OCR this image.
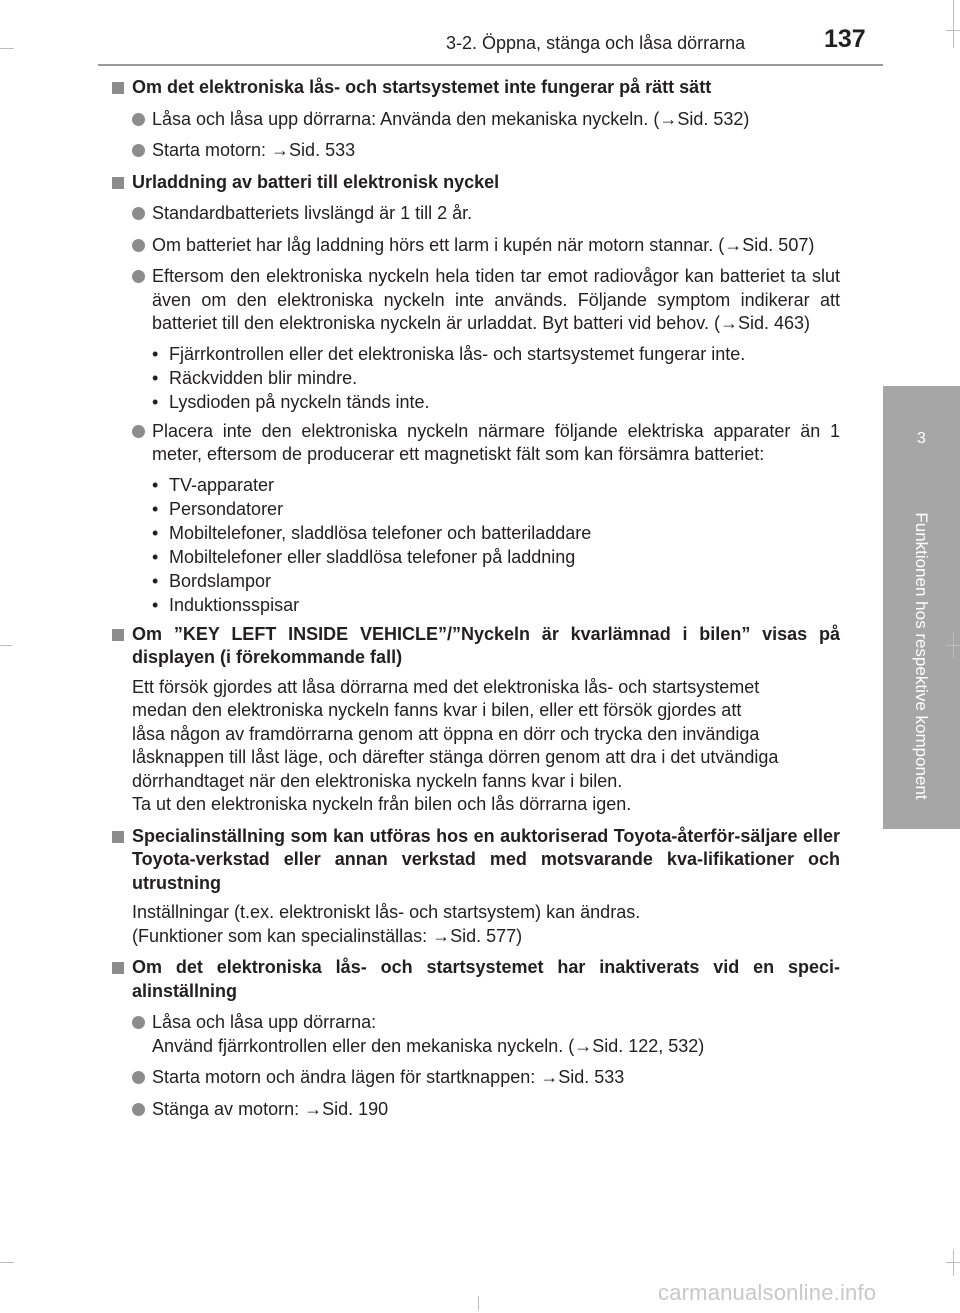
3-2. Öppna, stänga och låsa dörrarna	137
3
Funktionen hos respektive komponent
Om det elektroniska lås- och startsystemet inte fungerar på rätt sätt
Låsa och låsa upp dörrarna: Använda den mekaniska nyckeln. (→Sid. 532)
Starta motorn: →Sid. 533
Urladdning av batteri till elektronisk nyckel
Standardbatteriets livslängd är 1 till 2 år.
Om batteriet har låg laddning hörs ett larm i kupén när motorn stannar. (→Sid. 507)
Eftersom den elektroniska nyckeln hela tiden tar emot radiovågor kan batteriet ta slut även om den elektroniska nyckeln inte används. Följande symptom indikerar att batteriet till den elektroniska nyckeln är urladdat. Byt batteri vid behov. (→Sid. 463)
• Fjärrkontrollen eller det elektroniska lås- och startsystemet fungerar inte.
• Räckvidden blir mindre.
• Lysdioden på nyckeln tänds inte.
Placera inte den elektroniska nyckeln närmare följande elektriska apparater än 1 meter, eftersom de producerar ett magnetiskt fält som kan försämra batteriet:
• TV-apparater
• Persondatorer
• Mobiltelefoner, sladdlösa telefoner och batteriladdare
• Mobiltelefoner eller sladdlösa telefoner på laddning
• Bordslampor
• Induktionsspisar
Om ”KEY LEFT INSIDE VEHICLE”/”Nyckeln är kvarlämnad i bilen” visas på displayen (i förekommande fall)
Ett försök gjordes att låsa dörrarna med det elektroniska lås- och startsystemet
medan den elektroniska nyckeln fanns kvar i bilen, eller ett försök gjordes att
låsa någon av framdörrarna genom att öppna en dörr och trycka den invändiga
låsknappen till låst läge, och därefter stänga dörren genom att dra i det utvändiga
dörrhandtaget när den elektroniska nyckeln fanns kvar i bilen.
Ta ut den elektroniska nyckeln från bilen och lås dörrarna igen.
Specialinställning som kan utföras hos en auktoriserad Toyota-återför-säljare eller Toyota-verkstad eller annan verkstad med motsvarande kva-lifikationer och utrustning
Inställningar (t.ex. elektroniskt lås- och startsystem) kan ändras.
(Funktioner som kan specialinställas: →Sid. 577)
Om det elektroniska lås- och startsystemet har inaktiverats vid en speci-alinställning
Låsa och låsa upp dörrarna:
Använd fjärrkontrollen eller den mekaniska nyckeln. (→Sid. 122, 532)
Starta motorn och ändra lägen för startknappen: →Sid. 533
Stänga av motorn: →Sid. 190
carmanualsonline.info
